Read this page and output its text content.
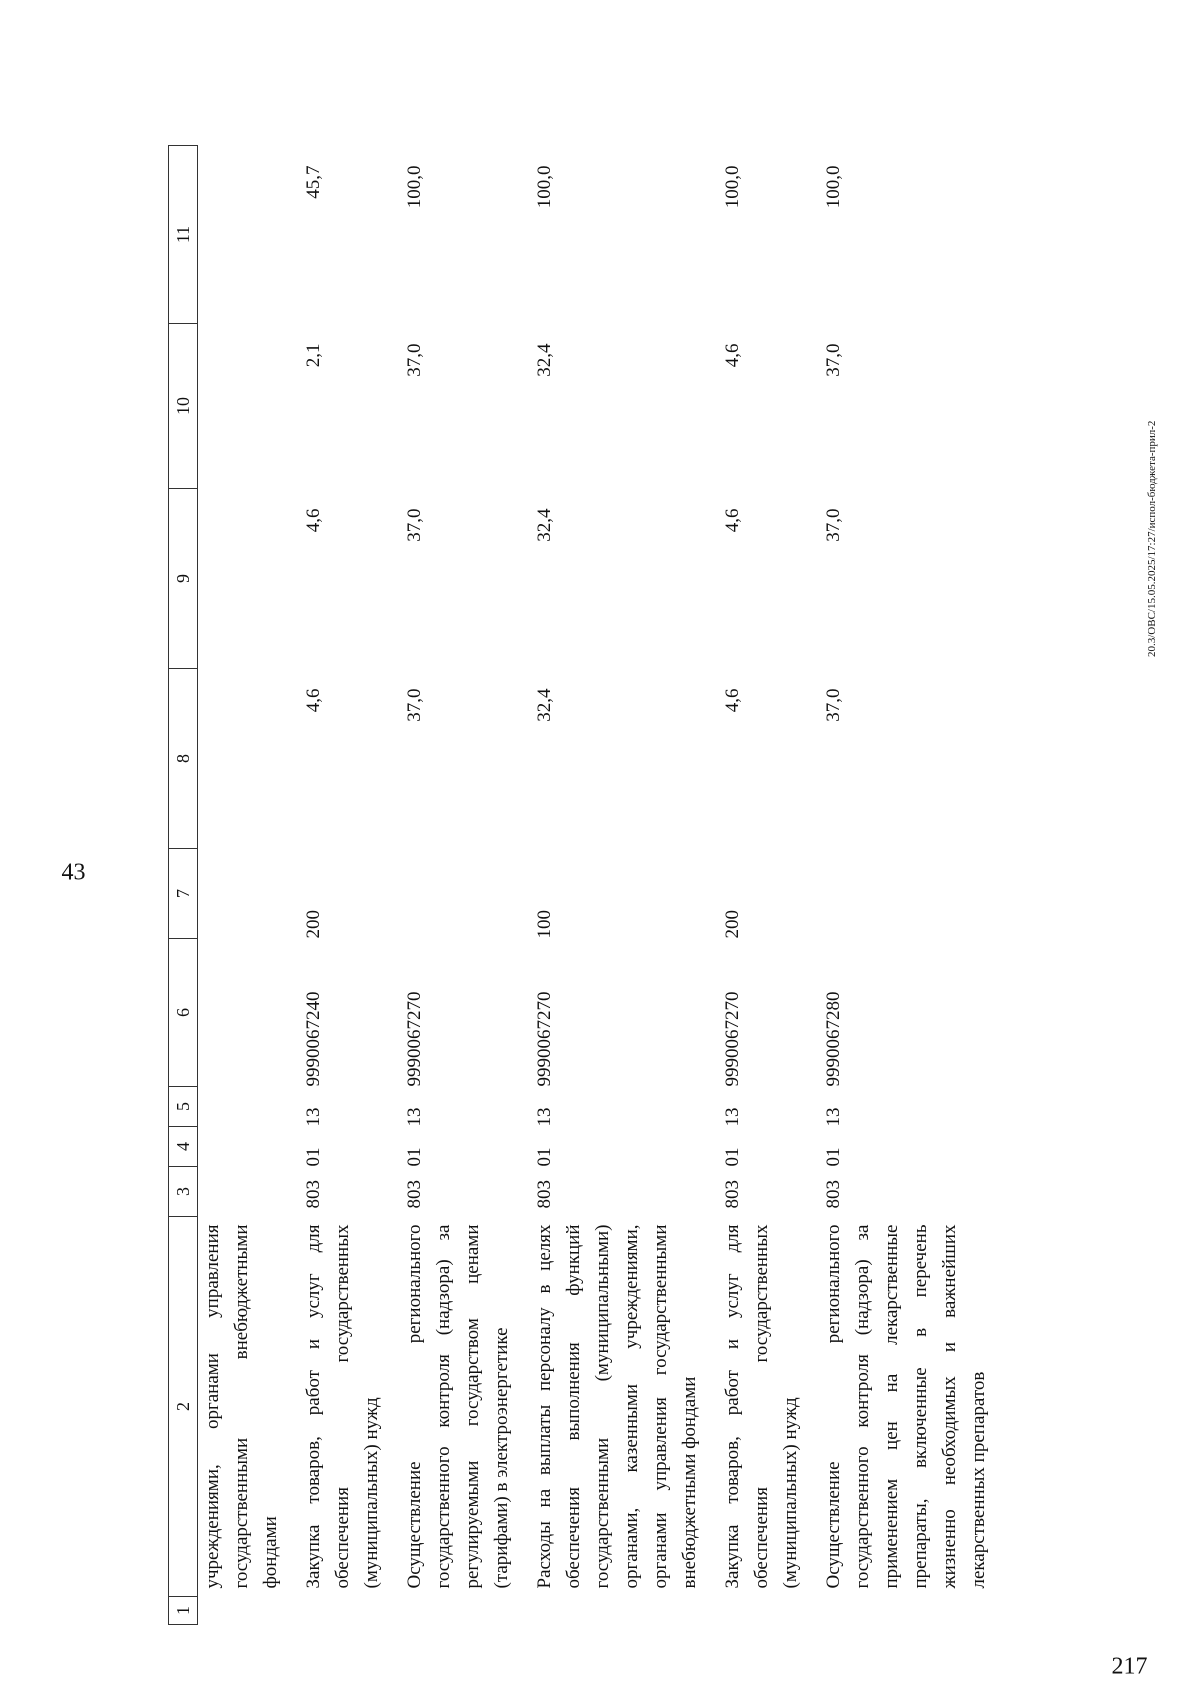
43
1	2	3	4	5	6	7	8	9	10	11
учреждениями, органами управления государственными внебюджетными фондами										
Закупка товаров, работ и услуг для обеспечения государственных (муниципальных) нужд		803	01	13	9990067240	200	4,6	4,6	2,1	45,7
Осуществление регионального государственного контроля (надзора) за регулируемыми государством ценами (тарифами) в электроэнергетике		803	01	13	9990067270		37,0	37,0	37,0	100,0
Расходы на выплаты персоналу в целях обеспечения выполнения функций государственными (муниципальными) органами, казенными учреждениями, органами управления государственными внебюджетными фондами		803	01	13	9990067270	100	32,4	32,4	32,4	100,0
Закупка товаров, работ и услуг для обеспечения государственных (муниципальных) нужд		803	01	13	9990067270	200	4,6	4,6	4,6	100,0
Осуществление регионального государственного контроля (надзора) за применением цен на лекарственные препараты, включенные в перечень жизненно необходимых и важнейших лекарственных препаратов		803	01	13	9990067280		37,0	37,0	37,0	100,0
20.3/ОВС/15.05.2025/17:27/испол-бюджета-прил-2
217
